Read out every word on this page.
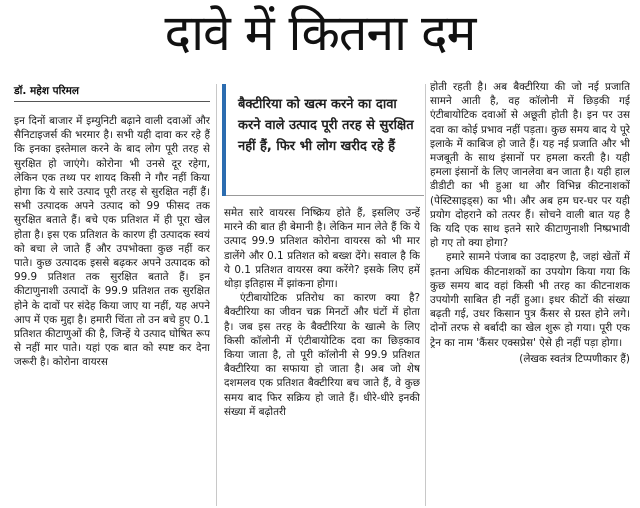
दावे में कितना दम
डॉ. महेश परिमल
बैक्टीरिया को खत्म करने का दावा करने वाले उत्पाद पूरी तरह से सुरक्षित नहीं हैं, फिर भी लोग खरीद रहे हैं

इन दिनों बाजार में इम्युनिटी बढ़ाने वाली दवाओं और सैनिटाइजर्स की भरमार है। सभी यही दावा कर रहे हैं कि इनका इस्तेमाल करने के बाद लोग पूरी तरह से सुरक्षित हो जाएंगे। कोरोना भी उनसे दूर रहेगा, लेकिन एक तथ्य पर शायद किसी ने गौर नहीं किया होगा कि ये सारे उत्पाद पूरी तरह से सुरक्षित नहीं हैं। सभी उत्पादक अपने उत्पाद को 99 फीसद तक सुरक्षित बताते हैं। बचे एक प्रतिशत में ही पूरा खेल होता है। इस एक प्रतिशत के कारण ही उत्पादक स्वयं को बचा ले जाते हैं और उपभोक्ता कुछ नहीं कर पाते। कुछ उत्पादक इससे बढ़कर अपने उत्पादक को 99.9 प्रतिशत तक सुरक्षित बताते हैं। इन कीटाणुनाशी उत्पादों के 99.9 प्रतिशत तक सुरक्षित होने के दावों पर संदेह किया जाए या नहीं, यह अपने आप में एक मुद्दा है। हमारी चिंता तो उन बचे हुए 0.1 प्रतिशत कीटाणुओं की है, जिन्हें ये उत्पाद घोषित रूप से नहीं मार पाते। यहां एक बात को स्पष्ट कर देना जरूरी है। कोरोना वायरस

समेत सारे वायरस निष्क्रिय होते हैं, इसलिए उन्हें मारने की बात ही बेमानी है। लेकिन मान लेते हैं कि ये उत्पाद 99.9 प्रतिशत कोरोना वायरस को भी मार डालेंगे और 0.1 प्रतिशत को बख्श देंगे। सवाल है कि ये 0.1 प्रतिशत वायरस क्या करेंगे? इसके लिए हमें थोड़ा इतिहास में झांकना होगा।

एंटीबायोटिक प्रतिरोध का कारण क्या है? बैक्टीरिया का जीवन चक्र मिनटों और घंटों में होता है। जब इस तरह के बैक्टीरिया के खात्मे के लिए किसी कॉलोनी में एंटीबायोटिक दवा का छिड़काव किया जाता है, तो पूरी कॉलोनी से 99.9 प्रतिशत बैक्टीरिया का सफाया हो जाता है। अब जो शेष दशमलव एक प्रतिशत बैक्टीरिया बच जाते हैं, वे कुछ समय बाद फिर सक्रिय हो जाते हैं। धीरे-धीरे इनकी संख्या में बढ़ोतरी

होती रहती है। अब बैक्टीरिया की जो नई प्रजाति सामने आती है, वह कॉलोनी में छिड़की गई एंटीबायोटिक दवाओं से अछूती होती है। इन पर उस दवा का कोई प्रभाव नहीं पड़ता। कुछ समय बाद ये पूरे इलाके में काबिज हो जाते हैं। यह नई प्रजाति और भी मजबूती के साथ इंसानों पर हमला करती है। यही हमला इंसानों के लिए जानलेवा बन जाता है। यही हाल डीडीटी का भी हुआ था और विभिन्न कीटनाशकों (पेस्टिसाइड्स) का भी। और अब हम घर-घर पर यही प्रयोग दोहराने को तत्पर हैं। सोचने वाली बात यह है कि यदि एक साथ इतने सारे कीटाणुनाशी निष्प्रभावी हो गए तो क्या होगा?

हमारे सामने पंजाब का उदाहरण है, जहां खेतों में इतना अधिक कीटनाशकों का उपयोग किया गया कि कुछ समय बाद वहां किसी भी तरह का कीटनाशक उपयोगी साबित ही नहीं हुआ। इधर कीटों की संख्या बढ़ती गई, उधर किसान पुत्र कैंसर से ग्रस्त होने लगे। दोनों तरफ से बर्बादी का खेल शुरू हो गया। पूरी एक ट्रेन का नाम 'कैंसर एक्सप्रेस' ऐसे ही नहीं पड़ा होगा।

(लेखक स्वतंत्र टिप्पणीकार हैं)
